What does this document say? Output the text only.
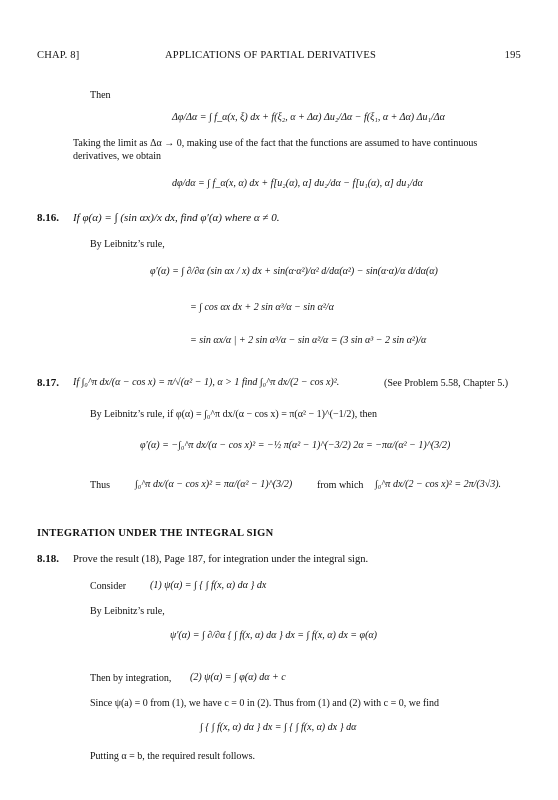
CHAP. 8]	APPLICATIONS OF PARTIAL DERIVATIVES	195
Then
Δφ/Δα = ∫ f_α(x, ξ) dx + f(ξ₂, α + Δα) Δu₂/Δα − f(ξ₁, α + Δα) Δu₁/Δα
Taking the limit as Δα → 0, making use of the fact that the functions are assumed to have continuous derivatives, we obtain
dφ/dα = ∫ f_α(x, α) dx + f[u₂(α), α] du₂/dα − f[u₁(α), α] du₁/dα
8.16. If φ(α) = ∫ (sin αx)/x dx, find φ′(α) where α ≠ 0.
By Leibnitz’s rule,
φ′(α) = ∫ ∂/∂α (sin αx / x) dx + sin(α·α²)/α² d/dα(α²) − sin(α·α)/α d/dα(α)
= ∫ cos αx dx + 2 sin α³/α − sin α²/α
= sin αx/α | + 2 sin α³/α − sin α²/α = (3 sin α³ − 2 sin α²)/α
8.17. If ∫₀^π dx/(α − cos x) = π/√(α² − 1), α > 1 find ∫₀^π dx/(2 − cos x)².	(See Problem 5.58, Chapter 5.)
By Leibnitz’s rule, if φ(α) = ∫₀^π dx/(α − cos x) = π(α² − 1)^(−1/2), then
φ′(α) = −∫₀^π dx/(α − cos x)² = −½ π(α² − 1)^(−3/2) 2α = −πα/(α² − 1)^(3/2)
Thus	∫₀^π dx/(α − cos x)² = πα/(α² − 1)^(3/2) from which ∫₀^π dx/(2 − cos x)² = 2π/(3√3).
INTEGRATION UNDER THE INTEGRAL SIGN
8.18. Prove the result (18), Page 187, for integration under the integral sign.
Consider (1) ψ(α) = ∫ { ∫ f(x, α) dα } dx
By Leibnitz’s rule,
ψ′(α) = ∫ ∂/∂α { ∫ f(x, α) dα } dx = ∫ f(x, α) dx = φ(α)
Then by integration, (2) ψ(α) = ∫ φ(α) dα + c
Since ψ(a) = 0 from (1), we have c = 0 in (2). Thus from (1) and (2) with c = 0, we find
∫ { ∫ f(x, α) dα } dx = ∫ { ∫ f(x, α) dx } dα
Putting α = b, the required result follows.
